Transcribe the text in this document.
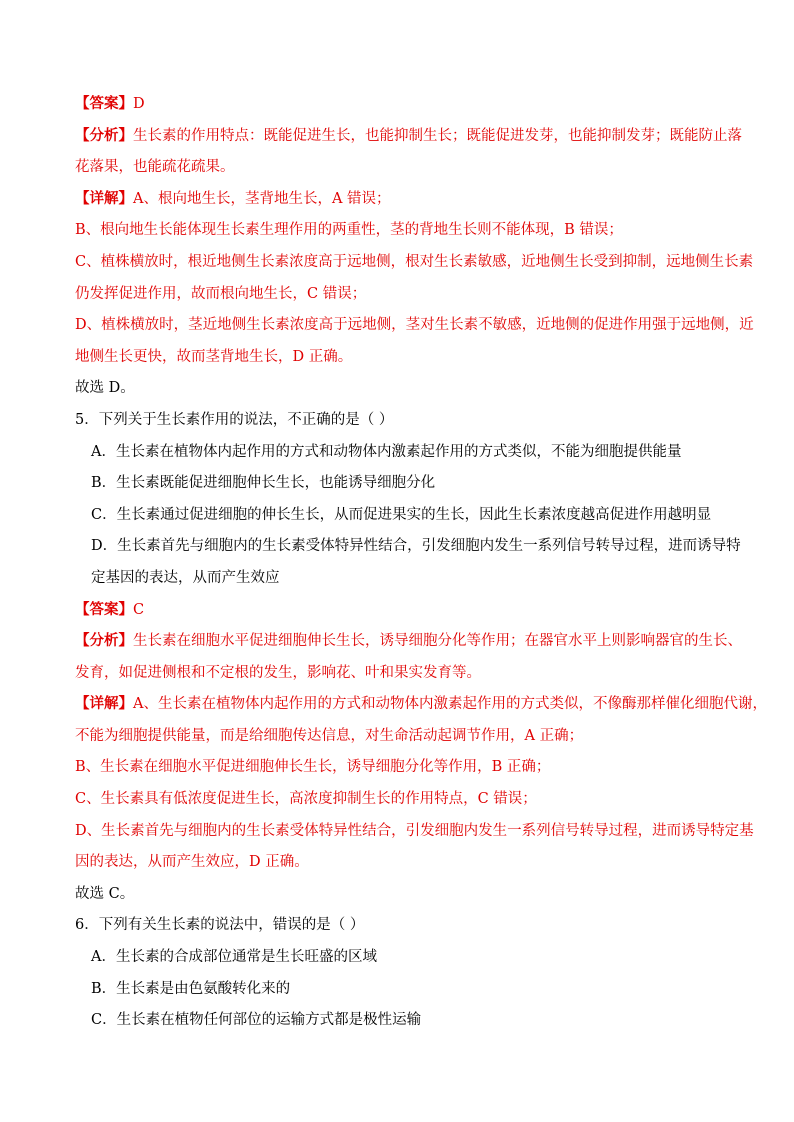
【答案】D
【分析】生长素的作用特点：既能促进生长，也能抑制生长；既能促进发芽，也能抑制发芽；既能防止落
花落果，也能疏花疏果。
【详解】A、根向地生长，茎背地生长，A 错误；
B、根向地生长能体现生长素生理作用的两重性，茎的背地生长则不能体现，B 错误；
C、植株横放时，根近地侧生长素浓度高于远地侧，根对生长素敏感，近地侧生长受到抑制，远地侧生长素
仍发挥促进作用，故而根向地生长，C 错误；
D、植株横放时，茎近地侧生长素浓度高于远地侧，茎对生长素不敏感，近地侧的促进作用强于远地侧，近
地侧生长更快，故而茎背地生长，D 正确。
故选 D。
5．下列关于生长素作用的说法，不正确的是（ ）
A．生长素在植物体内起作用的方式和动物体内激素起作用的方式类似，不能为细胞提供能量
B．生长素既能促进细胞伸长生长，也能诱导细胞分化
C．生长素通过促进细胞的伸长生长，从而促进果实的生长，因此生长素浓度越高促进作用越明显
D．生长素首先与细胞内的生长素受体特异性结合，引发细胞内发生一系列信号转导过程，进而诱导特
定基因的表达，从而产生效应
【答案】C
【分析】生长素在细胞水平促进细胞伸长生长，诱导细胞分化等作用；在器官水平上则影响器官的生长、
发育，如促进侧根和不定根的发生，影响花、叶和果实发育等。
【详解】A、生长素在植物体内起作用的方式和动物体内激素起作用的方式类似，不像酶那样催化细胞代谢，
不能为细胞提供能量，而是给细胞传达信息，对生命活动起调节作用，A 正确；
B、生长素在细胞水平促进细胞伸长生长，诱导细胞分化等作用，B 正确；
C、生长素具有低浓度促进生长，高浓度抑制生长的作用特点，C 错误；
D、生长素首先与细胞内的生长素受体特异性结合，引发细胞内发生一系列信号转导过程，进而诱导特定基
因的表达，从而产生效应，D 正确。
故选 C。
6．下列有关生长素的说法中，错误的是（ ）
A．生长素的合成部位通常是生长旺盛的区域
B．生长素是由色氨酸转化来的
C．生长素在植物任何部位的运输方式都是极性运输
